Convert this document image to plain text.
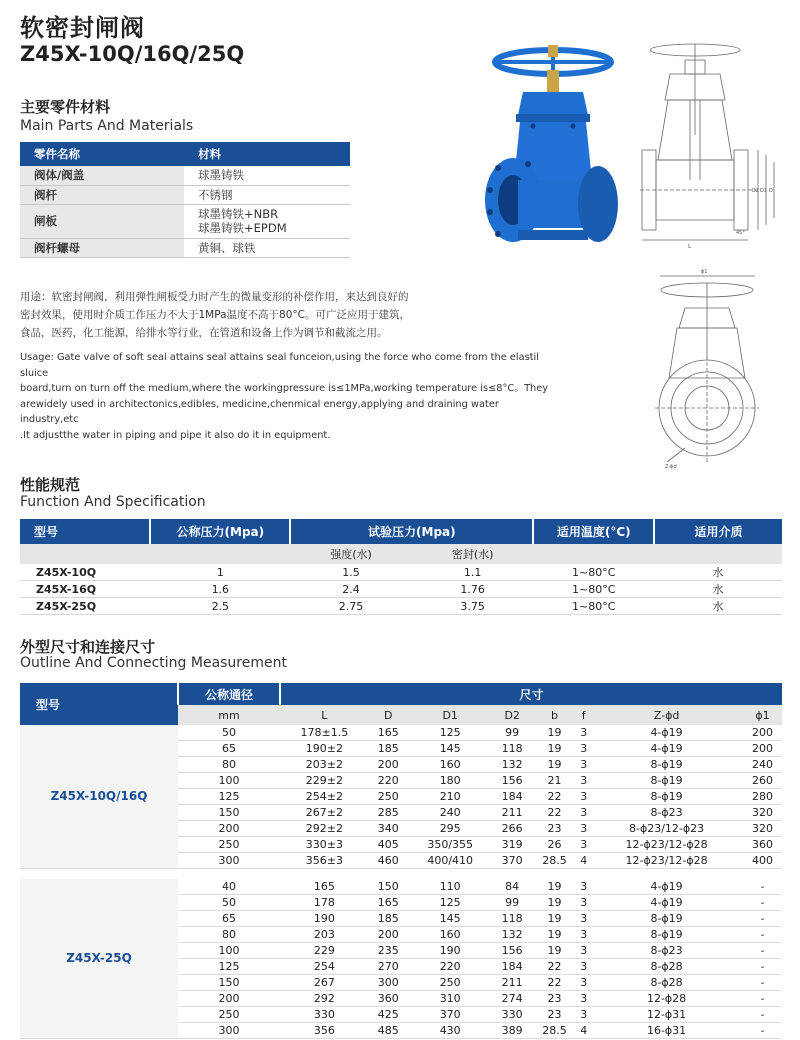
软密封闸阀
Z45X-10Q/16Q/25Q
主要零件材料
Main Parts And Materials
零件名称	材料
阀体/阀盖	球墨铸铁
阀杆	不锈钢
闸板	球墨铸铁+NBR
球墨铸铁+EPDM

阀杆螺母	黄铜、球铁
用途：软密封闸阀，利用弹性闸板受力时产生的微量变形的补偿作用，来达到良好的
密封效果，使用时介质工作压力不大于1MPa温度不高于80°C。可广泛应用于建筑，
食品，医药，化工能源，给排水等行业，在管道和设备上作为调节和截流之用。
Usage: Gate valve of soft seal attains seal attains seal funceion,using the force who come from the elastil sluice
board,turn on turn off the medium,where the workingpressure is≤1MPa,working temperature is≤8°C。They
arewidely used in architectonics,edibles, medicine,chenmical energy,applying and draining water industry,etc
.It adjustthe water in piping and pipe it also do it in equipment.
L
D2 D1 D
45°
ϕ1
Z-ϕd
性能规范
Function And Specification
型号	公称压力(Mpa)	试验压力(Mpa)		适用温度(°C)	适用介质
		强度(水)	密封(水)		
Z45X-10Q	1	1.5	1.1	1~80°C	水
Z45X-16Q	1.6	2.4	1.76	1~80°C	水
Z45X-25Q	2.5	2.75	3.75	1~80°C	水
外型尺寸和连接尺寸
Outline And Connecting Measurement
型号	公称通径	尺寸							
	mm	L	D	D1	D2	b	f	Z-ϕd	ϕ1
Z45X-10Q/16Q	50	178±1.5	165	125	99	19	3	4-ϕ19	200
	65	190±2	185	145	118	19	3	4-ϕ19	200
	80	203±2	200	160	132	19	3	8-ϕ19	240
	100	229±2	220	180	156	21	3	8-ϕ19	260
	125	254±2	250	210	184	22	3	8-ϕ19	280
	150	267±2	285	240	211	22	3	8-ϕ23	320
	200	292±2	340	295	266	23	3	8-ϕ23/12-ϕ23	320
	250	330±3	405	350/355	319	26	3	12-ϕ23/12-ϕ28	360
	300	356±3	460	400/410	370	28.5	4	12-ϕ23/12-ϕ28	400

Z45X-25Q	40	165	150	110	84	19	3	4-ϕ19	-
	50	178	165	125	99	19	3	4-ϕ19	-
	65	190	185	145	118	19	3	8-ϕ19	-
	80	203	200	160	132	19	3	8-ϕ19	-
	100	229	235	190	156	19	3	8-ϕ23	-
	125	254	270	220	184	22	3	8-ϕ28	-
	150	267	300	250	211	22	3	8-ϕ28	-
	200	292	360	310	274	23	3	12-ϕ28	-
	250	330	425	370	330	23	3	12-ϕ31	-
	300	356	485	430	389	28.5	4	16-ϕ31	-
